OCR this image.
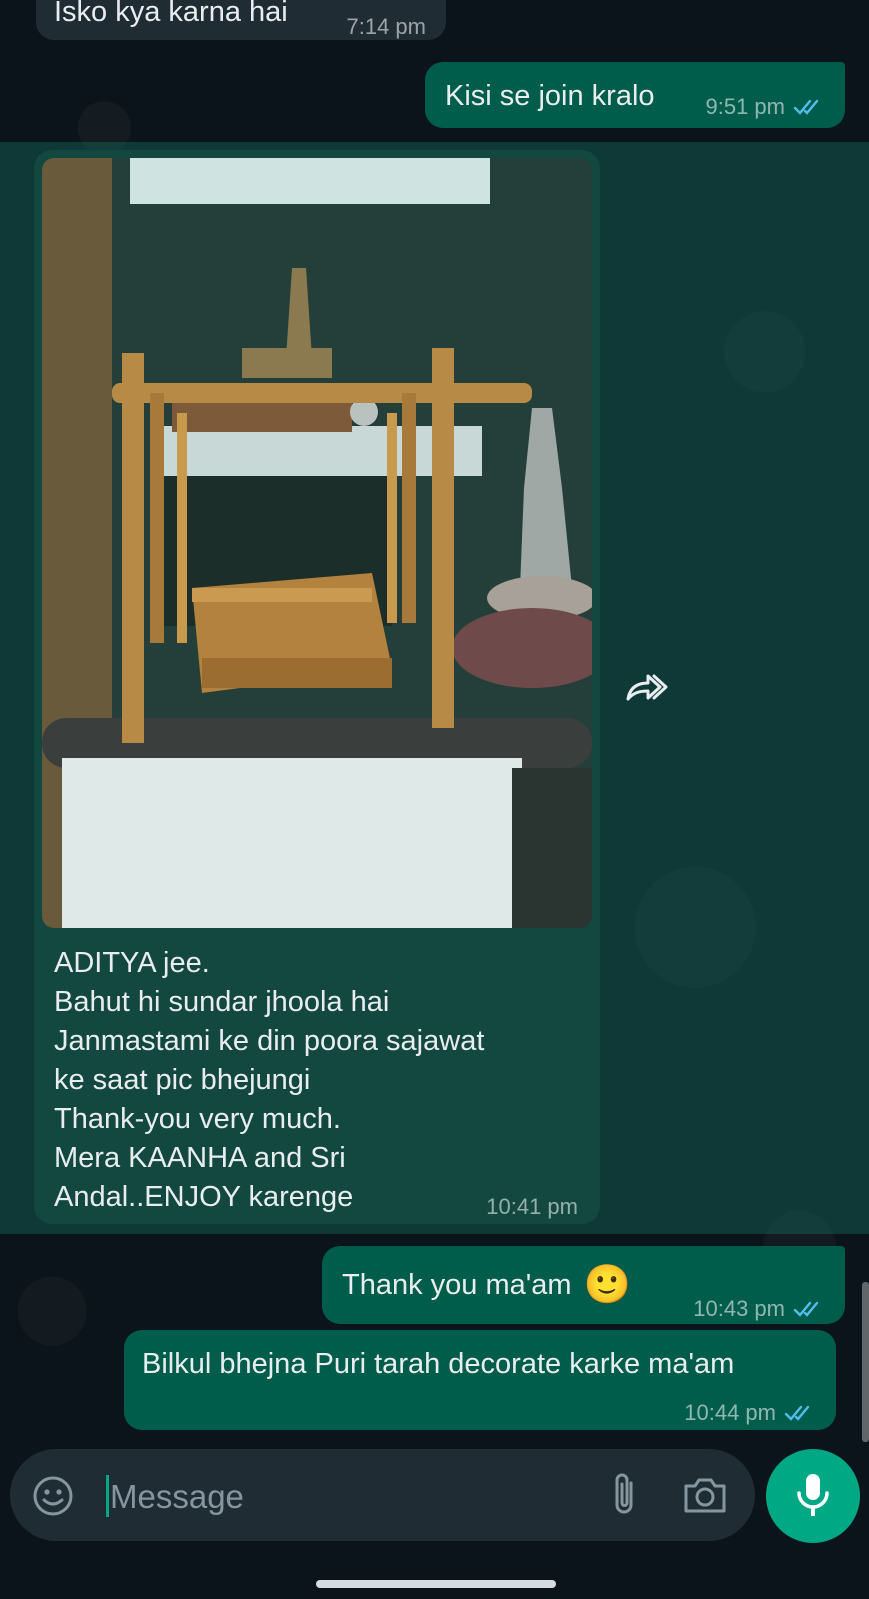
Isko kya karna hai	7:14 pm
Kisi se join kralo 9:51 pm
ADITYA jee.
Bahut hi sundar jhoola hai
Janmastami ke din poora sajawat
ke saat pic bhejungi
Thank-you very much.
Mera KAANHA and Sri
Andal..ENJOY karenge	10:41 pm
Thank you ma'am 🙂
10:43 pm
Bilkul bhejna Puri tarah decorate karke ma'am
10:44 pm
Message
